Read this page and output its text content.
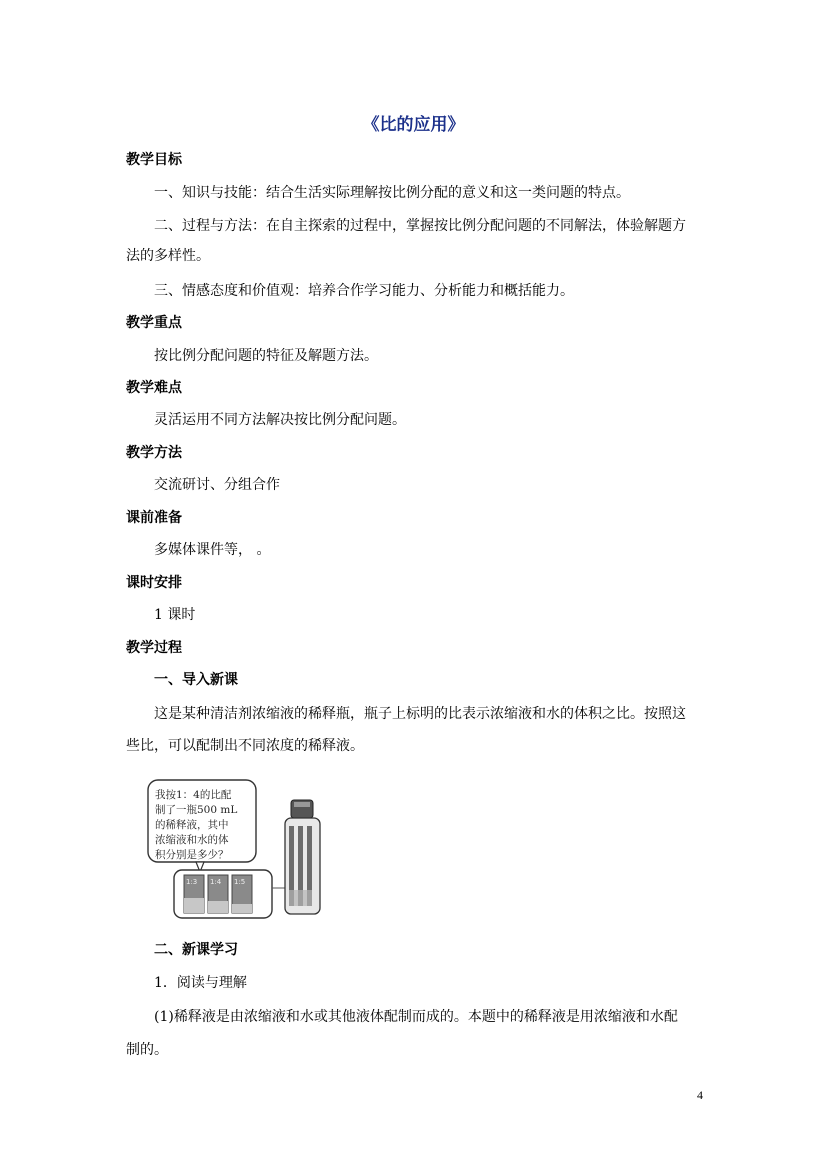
《比的应用》
教学目标
一、知识与技能：结合生活实际理解按比例分配的意义和这一类问题的特点。
二、过程与方法：在自主探索的过程中，掌握按比例分配问题的不同解法，体验解题方
法的多样性。
三、情感态度和价值观：培养合作学习能力、分析能力和概括能力。
教学重点
按比例分配问题的特征及解题方法。
教学难点
灵活运用不同方法解决按比例分配问题。
教学方法
交流研讨、分组合作
课前准备
多媒体课件等， 。
课时安排
1 课时
教学过程
一、导入新课
这是某种清洁剂浓缩液的稀释瓶，瓶子上标明的比表示浓缩液和水的体积之比。按照这
些比，可以配制出不同浓度的稀释液。
我按1：4的比配 制了一瓶500 mL 的稀释液，其中 浓缩液和水的体 积分别是多少？
1:3 1:4 1:5
二、新课学习
1．阅读与理解
(1)稀释液是由浓缩液和水或其他液体配制而成的。本题中的稀释液是用浓缩液和水配
制的。
4
